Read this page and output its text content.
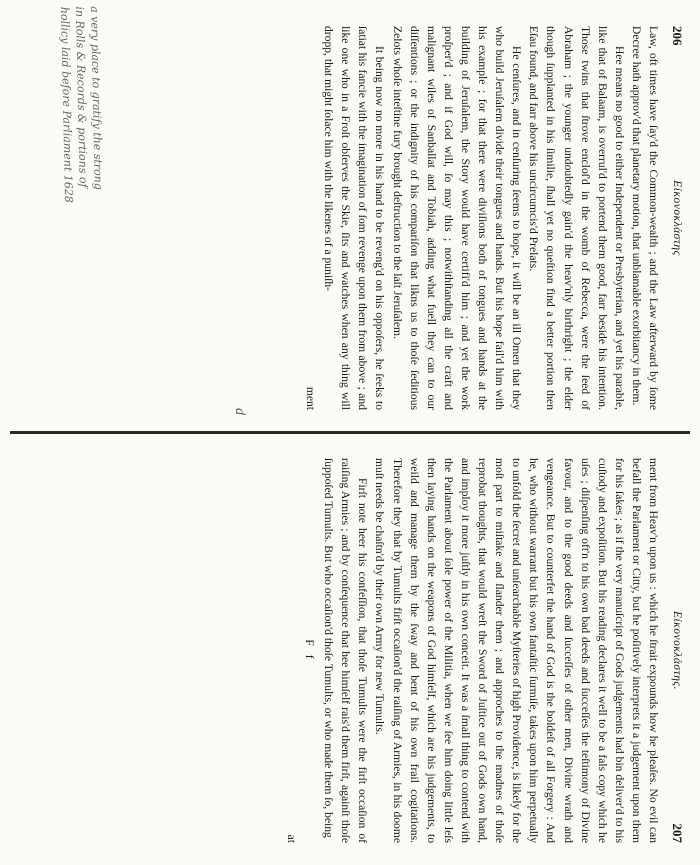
206
Eἰκονοκλάστης

Law, oft times have ſay'd the Common-wealth ; and the Law afterward by ſome Decree hath approv'd that planetary motion, that unblamable exorbitancy in them.

Hee means no good to either Independent or Presbyterian, and yet his parable, like that of Balaam, is overrul'd to portend them good, farr beside his intention. Those twins that ſtrove encloſ'd in the womb of Rebecca, were the ſeed of Abraham ; the younger undoubtedly gain'd the heav'nly birthright ; the elder though ſupplanted in his ſimilie, ſhall yet no queſtion find a better portion then Eſau found, and farr above his uncircumcis'd Prelats.

He cenſures, and in cenſuring ſeems to hope, it will be an ill Omen that they who build Jeruſalem divide their tongues and hands. But his hope fail'd him with his example ; for that there were diviſions both of tongues and hands at the building of Jeruſalem, the Story would have certifi'd him ; and yet the work proſper'd ; and if God will, ſo may this ; notwithſtanding all the craft and malignant wiles of Sanballat and Tobiah, adding what fuell they can to our diſſentions ; or the indignity of his compariſon that likns us to thoſe ſeditious Zelots whoſe inteſtine fury brought deſtruction to the laſt Jeruſalem.

It being now no more in his hand to be reveng'd on his oppoſers, he ſeeks to ſatiat his fancie with the imagination of ſom revenge upon them from above ; and like one who in a Froſt obſerves the Skie, ſits and watches when any thing will dropp, that might ſolace him with the likenes of a puniſh-

ment
a very place to gratify the strong
in Rolls & Records & portions of
hollicy laid before Parliament 1628
d
Eἰκονοκλάστης.
207

ment from Heav'n upon us : which he ſtrait expounds how he pleaſes. No evil can befall the Parlament or Citty, but he poſitively interprets it a judgement upon them for his ſakes ; as if the very manuſcript of Gods judgements had bin deliver'd to his cuſtody and expoſition. But his reading declares it well to be a fals copy which he uſes ; diſpenſing oft'n to his own bad deeds and ſucceſſes the teſtimony of Divine favour, and to the good deeds and ſucceſſes of other men, Divine wrath and vengeance. But to counterfet the hand of God is the boldeſt of all Forgery : And he, who without warrant but his own fantaſtic ſurmiſe, takes upon him perpetually to unfold the ſecret and unſearchable Myſteries of high Providence, is likely for the moſt part to miſtake and ſlander them ; and approches to the madnes of thoſe reprobat thoughts, that would wreſt the Sword of Juſtice out of Gods own hand, and imploy it more juſtly in his own conceit. It was a ſmall thing to contend with the Parlament about ſole power of the Militia, when we ſee him doing little leſs then laying hands on the weapons of God himſelf, which are his judgements, to weild and manage them by the ſway and bent of his own frail cogitations. Therefore they that by Tumults firſt occaſion'd the raiſing of Armies, in his doome muſt needs be chaſtn'd by their own Army for new Tumults.

Firſt note heer his confeſſion, that thoſe Tumults were the firſt occaſion of raiſing Armies ; and by conſequence that hee himſelf rais'd them firſt, againſt thoſe ſuppoſed Tumults. But who occaſion'd thoſe Tumults, or who made them ſo, being

F f
at
